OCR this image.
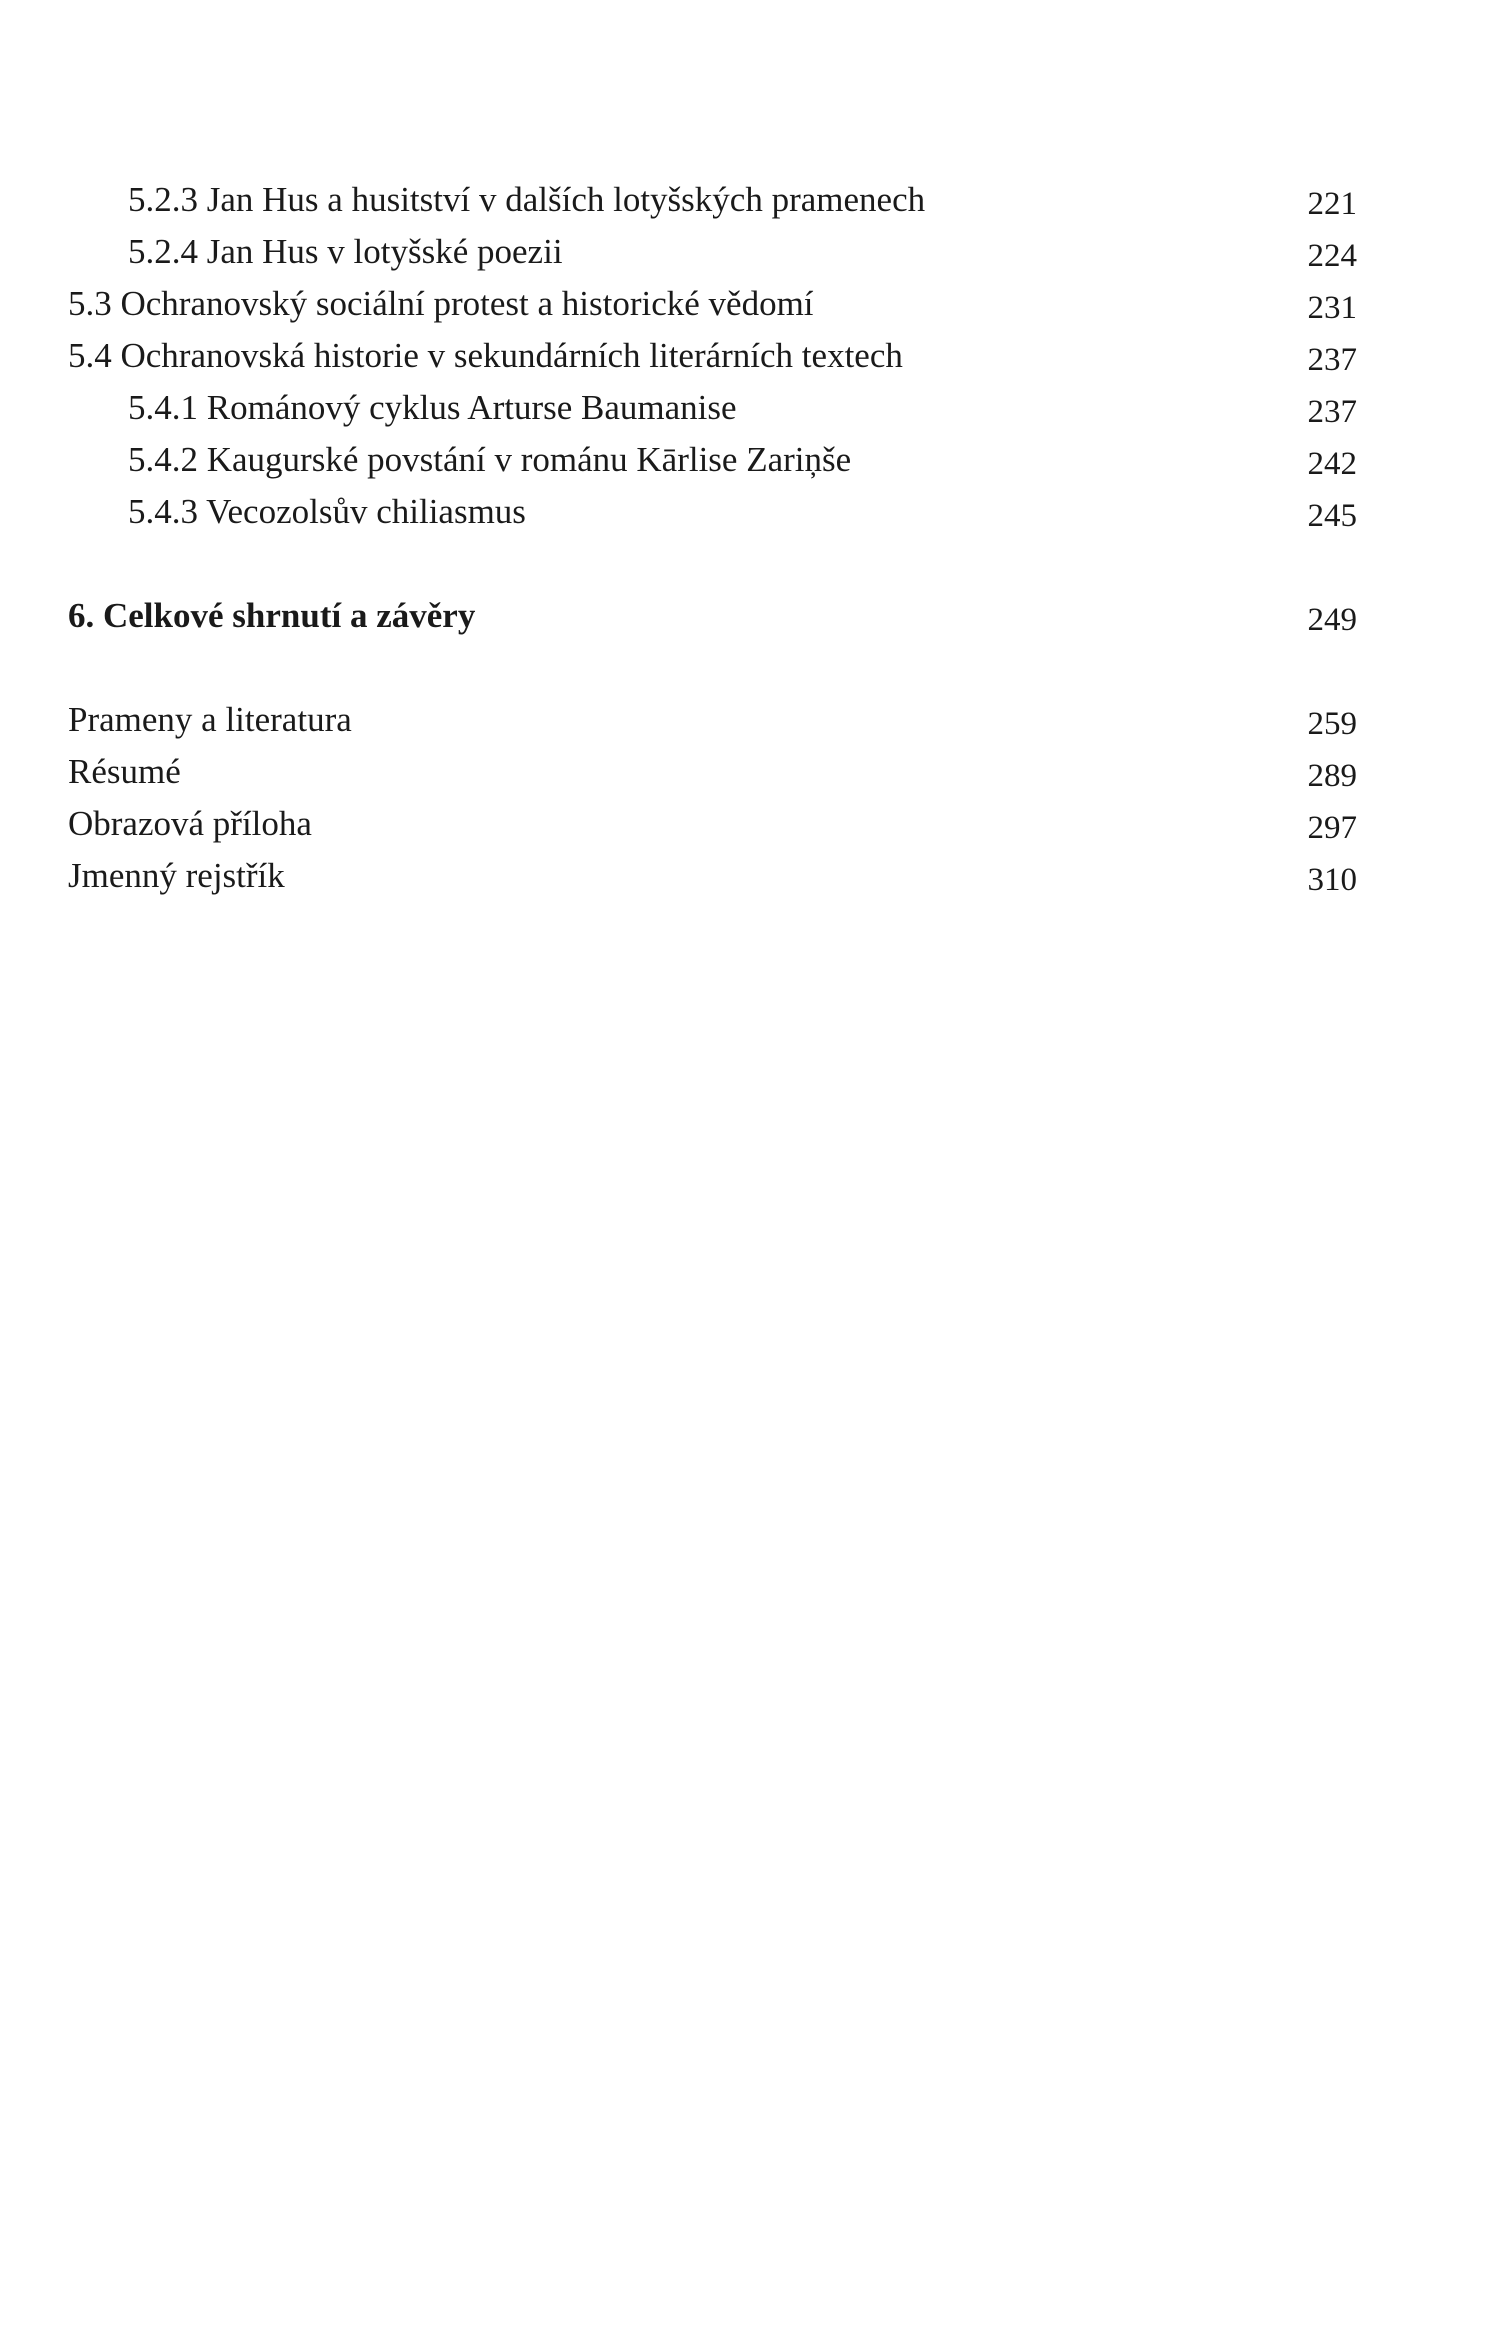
5.2.3 Jan Hus a husitství v dalších lotyšských pramenech	221
5.2.4 Jan Hus v lotyšské poezii	224
5.3 Ochranovský sociální protest a historické vědomí	231
5.4 Ochranovská historie v sekundárních literárních textech	237
5.4.1 Románový cyklus Arturse Baumanise	237
5.4.2 Kaugurské povstání v románu Kārlise Zariņše	242
5.4.3 Vecozolsův chiliasmus	245
6. Celkové shrnutí a závěry	249
Prameny a literatura	259
Résumé	289
Obrazová příloha	297
Jmenný rejstřík	310
